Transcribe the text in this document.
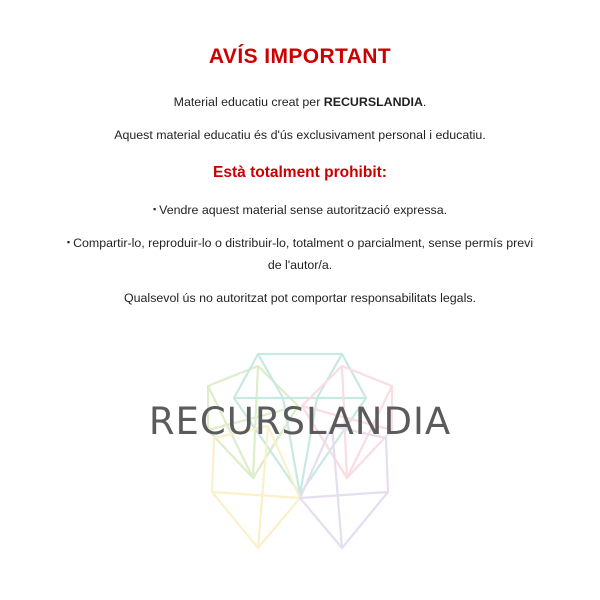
AVÍS IMPORTANT

Material educatiu creat per RECURSLANDIA.

Aquest material educatiu és d'ús exclusivament personal i educatiu.

Està totalment prohibit:

▪ Vendre aquest material sense autorització expressa.

▪ Compartir-lo, reproduir-lo o distribuir-lo, totalment o parcialment, sense permís previ de l'autor/a.

Qualsevol ús no autoritzat pot comportar responsabilitats legals.

RECURSLANDIA
